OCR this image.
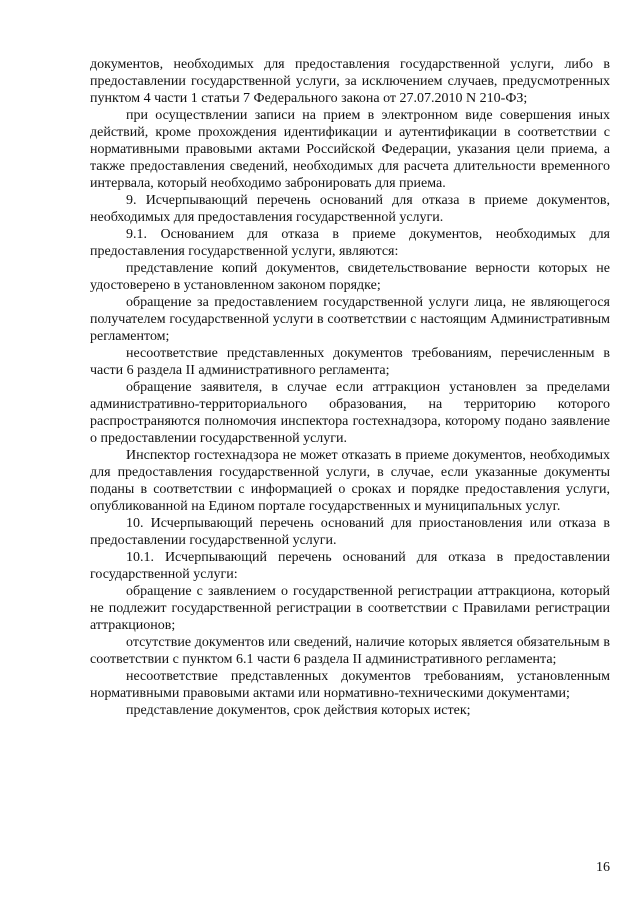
документов, необходимых для предоставления государственной услуги, либо в предоставлении государственной услуги, за исключением случаев, предусмотренных пунктом 4 части 1 статьи 7 Федерального закона от 27.07.2010 N 210-ФЗ;

при осуществлении записи на прием в электронном виде совершения иных действий, кроме прохождения идентификации и аутентификации в соответствии с нормативными правовыми актами Российской Федерации, указания цели приема, а также предоставления сведений, необходимых для расчета длительности временного интервала, который необходимо забронировать для приема.

9. Исчерпывающий перечень оснований для отказа в приеме документов, необходимых для предоставления государственной услуги.

9.1. Основанием для отказа в приеме документов, необходимых для предоставления государственной услуги, являются:

представление копий документов, свидетельствование верности которых не удостоверено в установленном законом порядке;

обращение за предоставлением государственной услуги лица, не являющегося получателем государственной услуги в соответствии с настоящим Административным регламентом;

несоответствие представленных документов требованиям, перечисленным в части 6 раздела II административного регламента;

обращение заявителя, в случае если аттракцион установлен за пределами административно-территориального образования, на территорию которого распространяются полномочия инспектора гостехнадзора, которому подано заявление о предоставлении государственной услуги.

Инспектор гостехнадзора не может отказать в приеме документов, необходимых для предоставления государственной услуги, в случае, если указанные документы поданы в соответствии с информацией о сроках и порядке предоставления услуги, опубликованной на Едином портале государственных и муниципальных услуг.

10. Исчерпывающий перечень оснований для приостановления или отказа в предоставлении государственной услуги.

10.1. Исчерпывающий перечень оснований для отказа в предоставлении государственной услуги:

обращение с заявлением о государственной регистрации аттракциона, который не подлежит государственной регистрации в соответствии с Правилами регистрации аттракционов;

отсутствие документов или сведений, наличие которых является обязательным в соответствии с пунктом 6.1 части 6 раздела II административного регламента;

несоответствие представленных документов требованиям, установленным нормативными правовыми актами или нормативно-техническими документами;

представление документов, срок действия которых истек;

16
